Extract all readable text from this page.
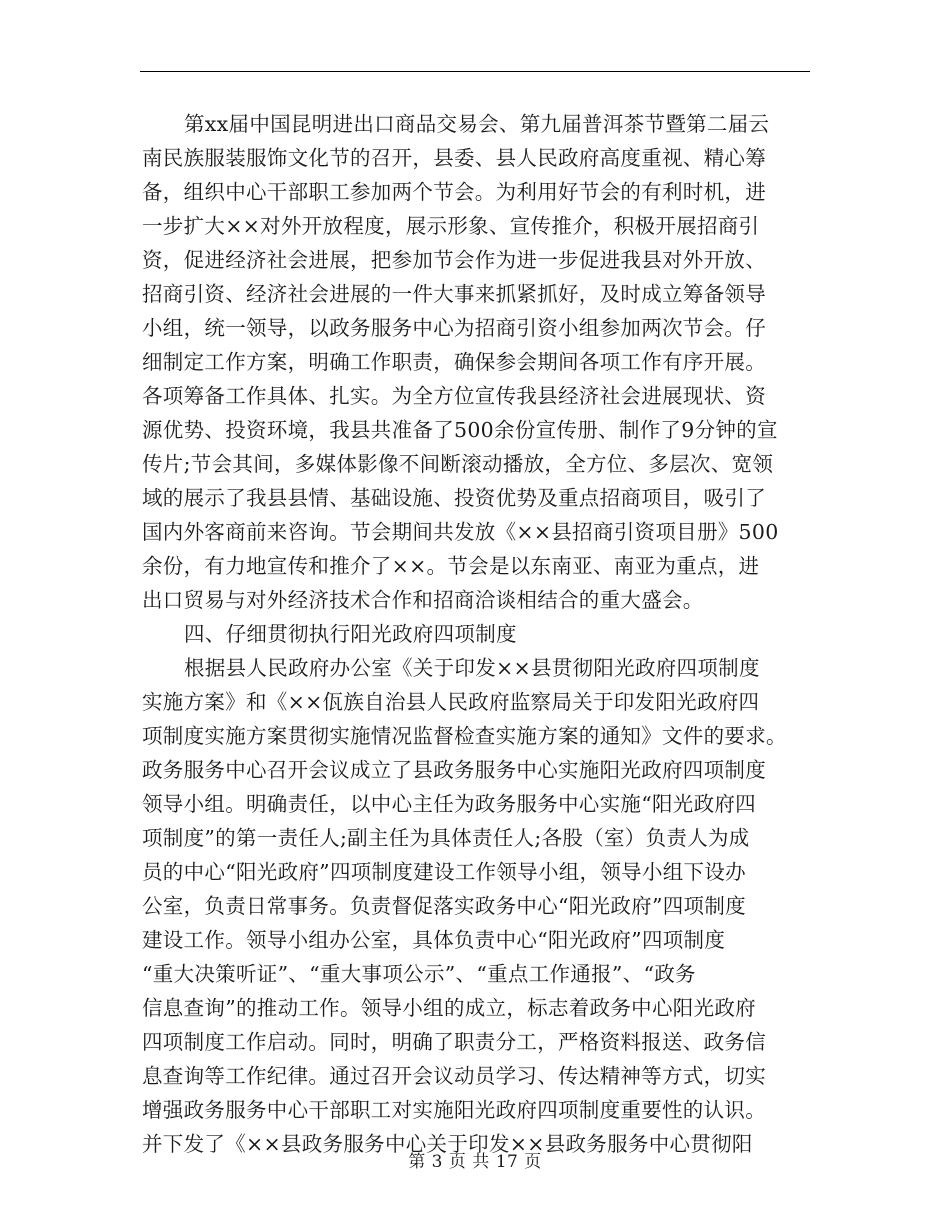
第xx届中国昆明进出口商品交易会、第九届普洱茶节暨第二届云
南民族服装服饰文化节的召开，县委、县人民政府高度重视、精心筹
备，组织中心干部职工参加两个节会。为利用好节会的有利时机，进
一步扩大××对外开放程度，展示形象、宣传推介，积极开展招商引
资，促进经济社会进展，把参加节会作为进一步促进我县对外开放、
招商引资、经济社会进展的一件大事来抓紧抓好，及时成立筹备领导
小组，统一领导，以政务服务中心为招商引资小组参加两次节会。仔
细制定工作方案，明确工作职责，确保参会期间各项工作有序开展。
各项筹备工作具体、扎实。为全方位宣传我县经济社会进展现状、资
源优势、投资环境，我县共准备了500余份宣传册、制作了9分钟的宣
传片;节会其间，多媒体影像不间断滚动播放，全方位、多层次、宽领
域的展示了我县县情、基础设施、投资优势及重点招商项目，吸引了
国内外客商前来咨询。节会期间共发放《××县招商引资项目册》500
余份，有力地宣传和推介了××。节会是以东南亚、南亚为重点，进
出口贸易与对外经济技术合作和招商洽谈相结合的重大盛会。
四、仔细贯彻执行阳光政府四项制度
根据县人民政府办公室《关于印发××县贯彻阳光政府四项制度
实施方案》和《××佤族自治县人民政府监察局关于印发阳光政府四
项制度实施方案贯彻实施情况监督检查实施方案的通知》文件的要求。
政务服务中心召开会议成立了县政务服务中心实施阳光政府四项制度
领导小组。明确责任，以中心主任为政务服务中心实施“阳光政府四
项制度”的第一责任人;副主任为具体责任人;各股（室）负责人为成
员的中心“阳光政府”四项制度建设工作领导小组，领导小组下设办
公室，负责日常事务。负责督促落实政务中心“阳光政府”四项制度
建设工作。领导小组办公室，具体负责中心“阳光政府”四项制度
“重大决策听证”、“重大事项公示”、“重点工作通报”、“政务
信息查询”的推动工作。领导小组的成立，标志着政务中心阳光政府
四项制度工作启动。同时，明确了职责分工，严格资料报送、政务信
息查询等工作纪律。通过召开会议动员学习、传达精神等方式，切实
增强政务服务中心干部职工对实施阳光政府四项制度重要性的认识。
并下发了《××县政务服务中心关于印发××县政务服务中心贯彻阳
第 3 页 共 17 页
